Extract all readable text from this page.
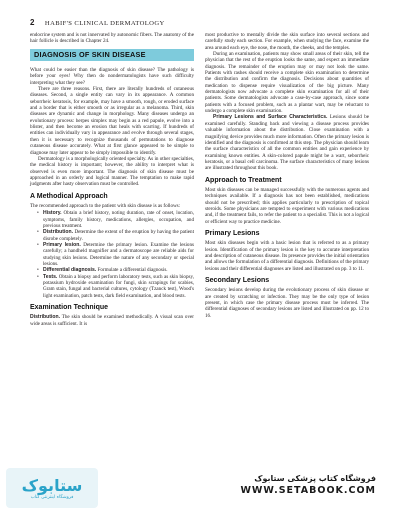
2 HABIF'S CLINICAL DERMATOLOGY

endocrine system and is not innervated by autonomic fibers. The anatomy of the hair follicle is described in Chapter 24.

DIAGNOSIS OF SKIN DISEASE

What could be easier than the diagnosis of skin disease? The pathology is before your eyes! Why then do nondermatologists have such difficulty interpreting what they see?

There are three reasons. First, there are literally hundreds of cutaneous diseases. Second, a single entity can vary in its appearance. A common seborrheic keratosis, for example, may have a smooth, rough, or eroded surface and a border that is either smooth or as irregular as a melanoma. Third, skin diseases are dynamic and change in morphology. Many diseases undergo an evolutionary process: herpes simplex may begin as a red papule, evolve into a blister, and then become an erosion that heals with scarring. If hundreds of entities can individually vary in appearance and evolve through several stages, then it is necessary to recognize thousands of permutations to diagnose cutaneous disease accurately. What at first glance appeared to be simple to diagnose may later appear to be simply impossible to identify.

Dermatology is a morphologically oriented specialty. As in other specialties, the medical history is important; however, the ability to interpret what is observed is even more important. The diagnosis of skin disease must be approached in an orderly and logical manner. The temptation to make rapid judgments after hasty observation must be controlled.

A Methodical Approach

The recommended approach to the patient with skin disease is as follows:

• History. Obtain a brief history, noting duration, rate of onset, location, symptoms, family history, medications, allergies, occupation, and previous treatment.
• Distribution. Determine the extent of the eruption by having the patient disrobe completely.
• Primary lesion. Determine the primary lesion. Examine the lesions carefully; a handheld magnifier and a dermatoscope are reliable aids for studying skin lesions. Determine the nature of any secondary or special lesions.
• Differential diagnosis. Formulate a differential diagnosis.
• Tests. Obtain a biopsy and perform laboratory tests, such as skin biopsy, potassium hydroxide examination for fungi, skin scrapings for scabies, Gram stain, fungal and bacterial cultures, cytology (Tzanck test), Wood's light examination, patch tests, dark field examination, and blood tests.
Examination Technique

Distribution. The skin should be examined methodically. A visual scan over wide areas is sufficient. It is

most productive to mentally divide the skin surface into several sections and carefully study each section. For example, when studying the face, examine the area around each eye, the nose, the mouth, the cheeks, and the temples.

During an examination, patients may show small areas of their skin, tell the physician that the rest of the eruption looks the same, and expect an immediate diagnosis. The remainder of the eruption may or may not look the same. Patients with rashes should receive a complete skin examination to determine the distribution and confirm the diagnosis. Decisions about quantities of medication to dispense require visualization of the big picture. Many dermatologists now advocate a complete skin examination for all of their patients. Some dermatologists advocate a case-by-case approach, since some patients with a focused problem, such as a plantar wart, may be reluctant to undergo a complete skin examination.

Primary Lesions and Surface Characteristics. Lesions should be examined carefully. Standing back and viewing a disease process provides valuable information about the distribution. Close examination with a magnifying device provides much more information. Often the primary lesion is identified and the diagnosis is confirmed at this step. The physician should learn the surface characteristics of all the common entities and gain experience by examining known entities. A skin-colored papule might be a wart, seborrheic keratosis, or a basal cell carcinoma. The surface characteristics of many lesions are illustrated throughout this book.

Approach to Treatment

Most skin diseases can be managed successfully with the numerous agents and techniques available. If a diagnosis has not been established, medications should not be prescribed; this applies particularly to prescription of topical steroids. Some physicians are tempted to experiment with various medications and, if the treatment fails, to refer the patient to a specialist. This is not a logical or efficient way to practice medicine.

Primary Lesions

Most skin diseases begin with a basic lesion that is referred to as a primary lesion. Identification of the primary lesion is the key to accurate interpretation and description of cutaneous disease. Its presence provides the initial orientation and allows the formulation of a differential diagnosis. Definitions of the primary lesions and their differential diagnoses are listed and illustrated on pp. 3 to 11.

Secondary Lesions

Secondary lesions develop during the evolutionary process of skin disease or are created by scratching or infection. They may be the only type of lesion present, in which case the primary disease process must be inferred. The differential diagnoses of secondary lesions are listed and illustrated on pp. 12 to 16.

ستابوک
فروشگاه اینترنتی کتاب
فروشگاه کتاب پزشکی ستابوک
WWW.SETABOOK.COM
